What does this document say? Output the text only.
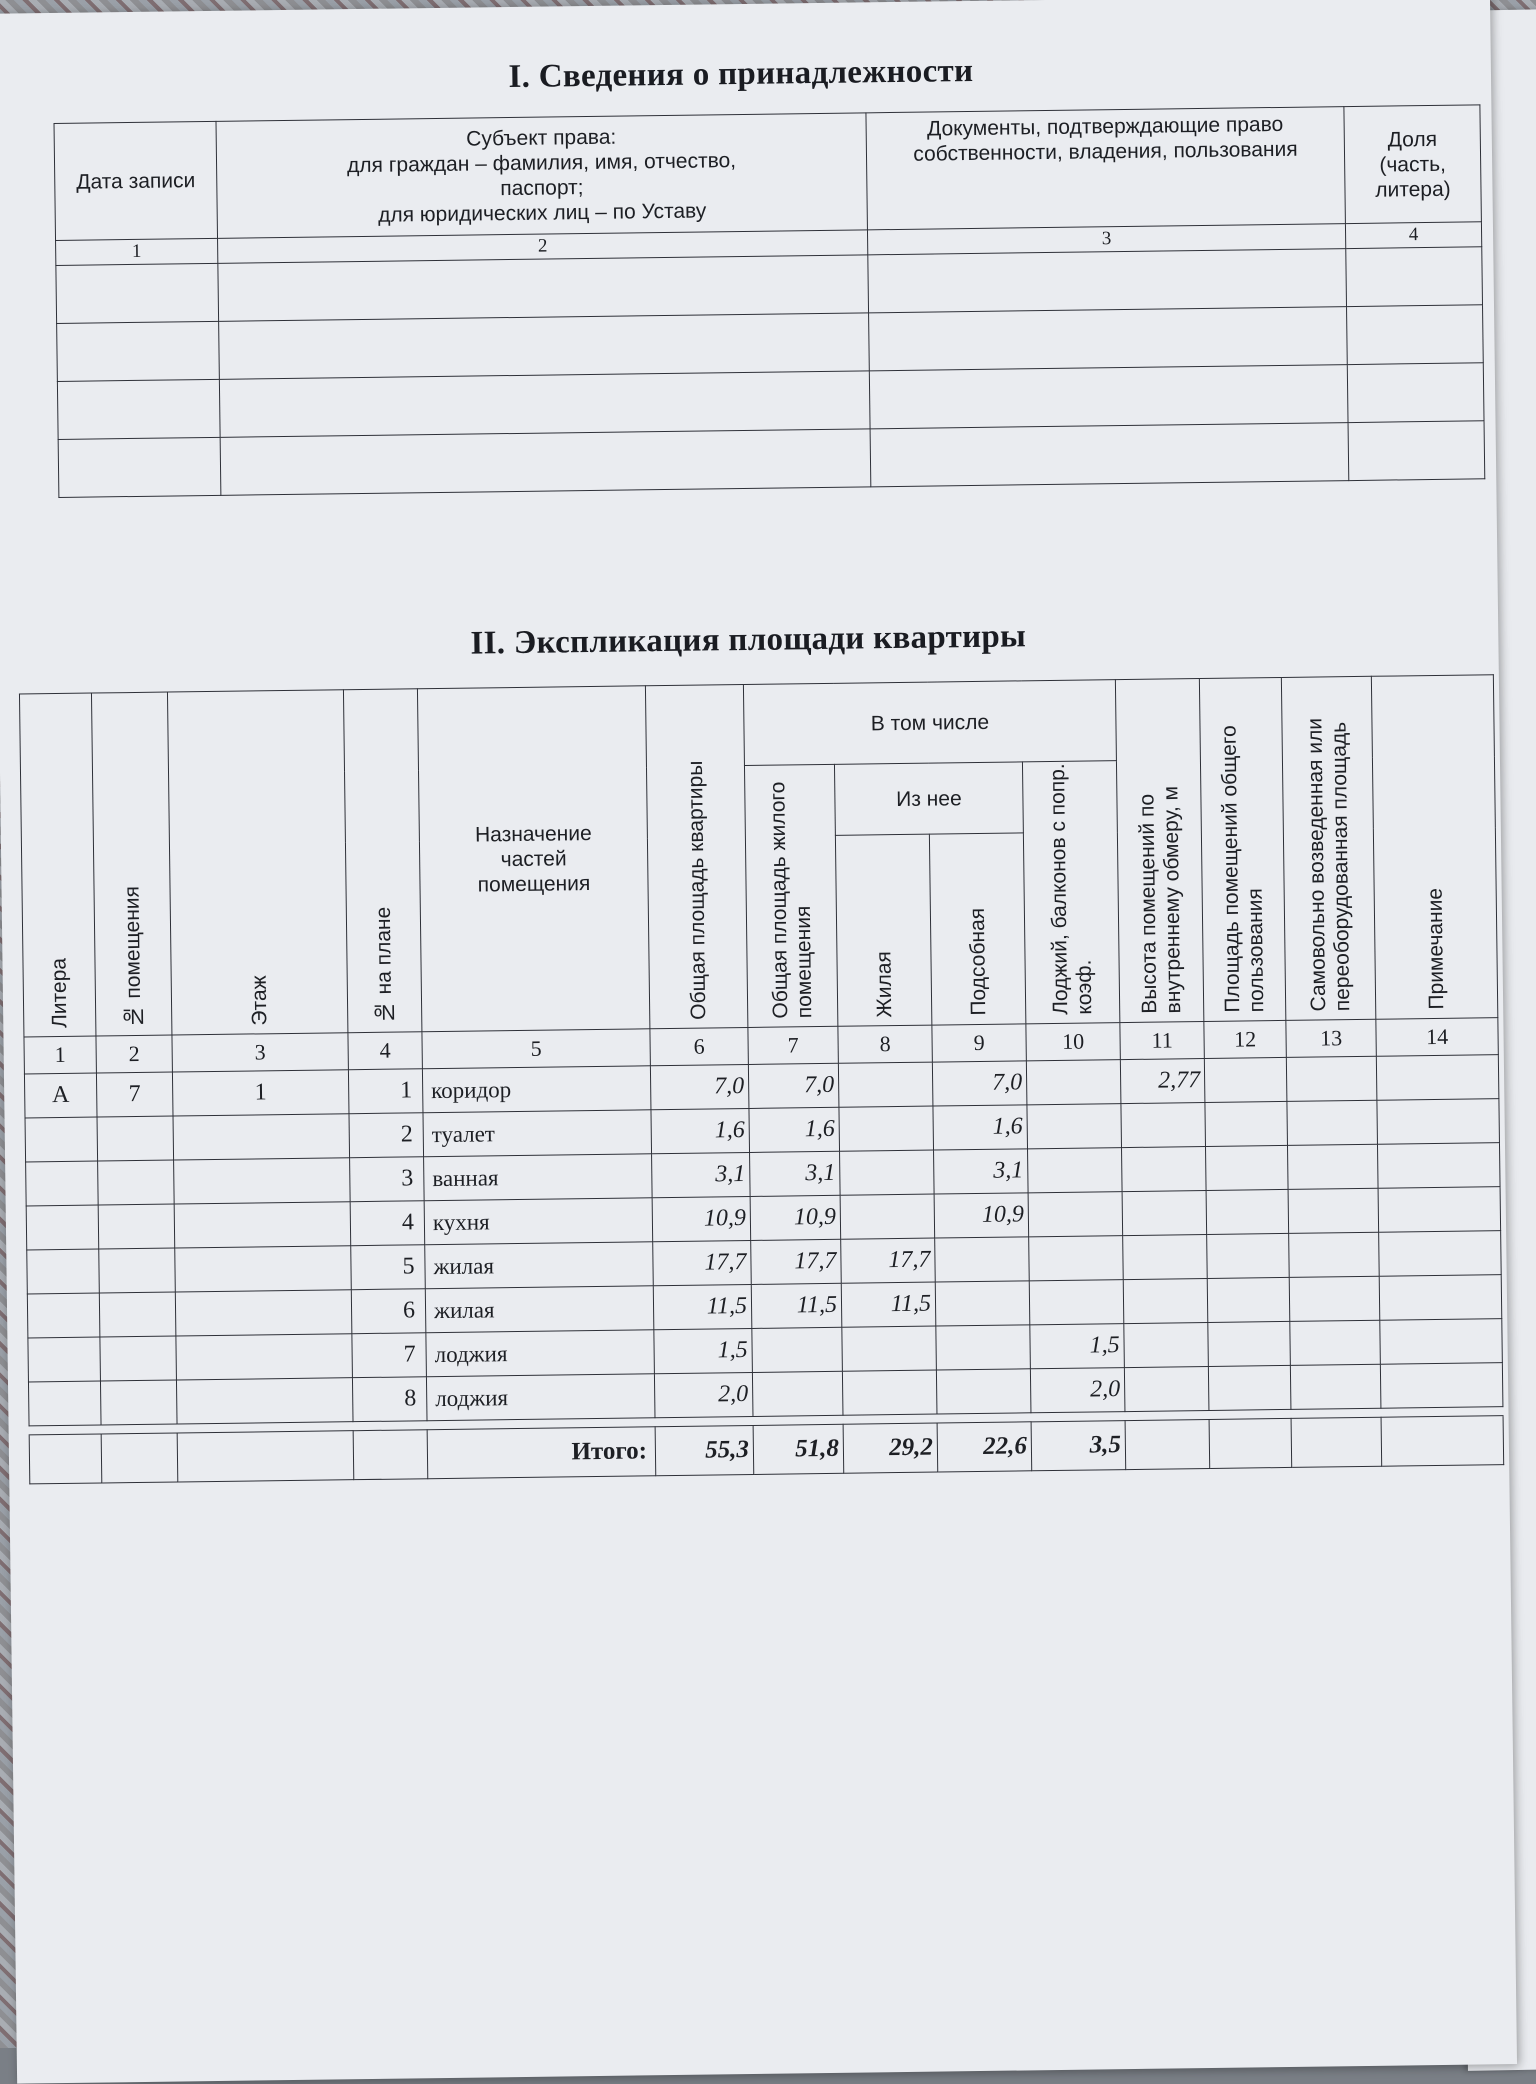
I. Сведения о принадлежности
Дата записи	Субъект права:
для граждан – фамилия, имя, отчество, паспорт;
для юридических лиц – по Уставу	Документы, подтверждающие право собственности, владения, пользования	Доля (часть, литера)
1	2	3	4

II. Экспликация площади квартиры
Литера	№ помещения	Этаж	№ на плане	Назначение частей помещения	Общая площадь квартиры	В том числе				Высота помещений по внутреннему обмеру, м	Площадь помещений общего пользования	Самовольно возведенная или переоборудованная площадь	Примечание

						Общая площадь жилого помещения	Из нее		Лоджий, балконов с попр. коэф.				

							Жилая	Подсобная					

1	2	3	4	5	6	7	8	9	10	11	12	13	14
А	7	1	1	коридор	7,0	7,0		7,0		2,77			
			2	туалет	1,6	1,6		1,6					
			3	ванная	3,1	3,1		3,1					
			4	кухня	10,9	10,9		10,9					
			5	жилая	17,7	17,7	17,7						
			6	жилая	11,5	11,5	11,5						
			7	лоджия	1,5				1,5				
			8	лоджия	2,0				2,0				

				Итого:	55,3	51,8	29,2	22,6	3,5				
